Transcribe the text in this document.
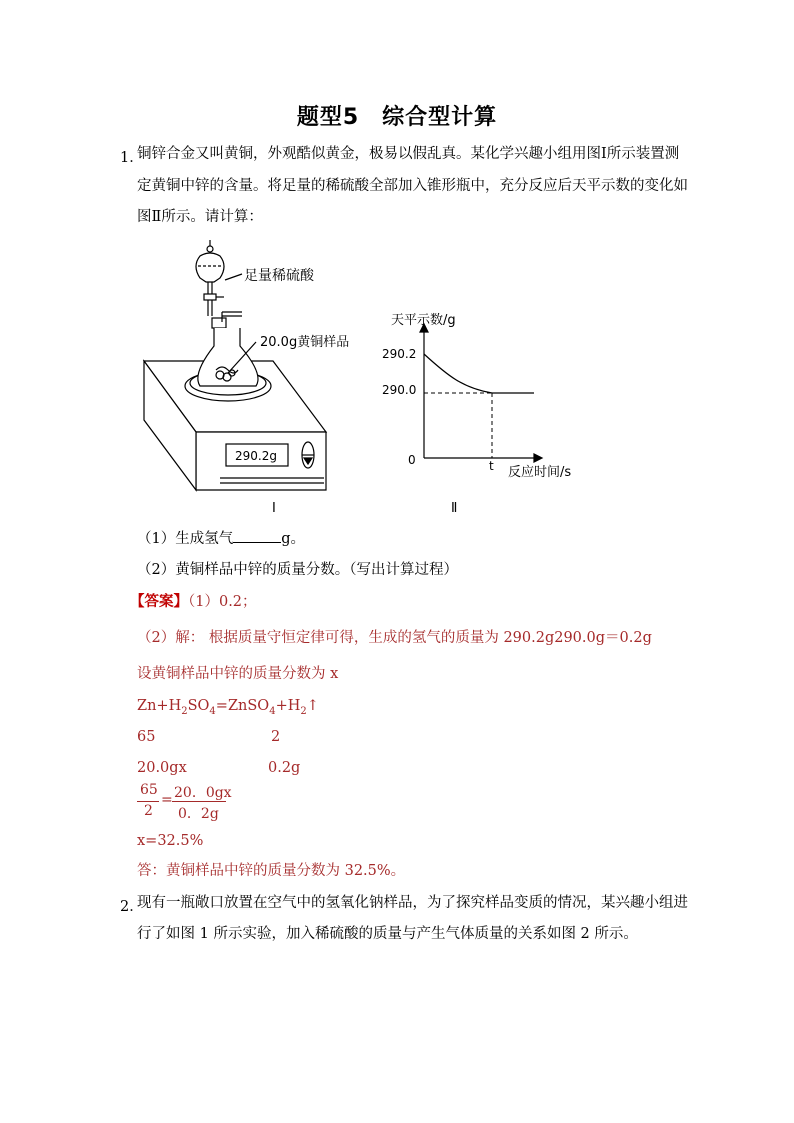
题型5　综合型计算
1．
铜锌合金又叫黄铜，外观酷似黄金，极易以假乱真。某化学兴趣小组用图Ⅰ所示装置测
定黄铜中锌的含量。将足量的稀硫酸全部加入锥形瓶中，充分反应后天平示数的变化如
图Ⅱ所示。请计算：
290.2g
足量稀硫酸
20.0g黄铜样品
Ⅰ
天平示数/g
290.2
290.0
0	t 反应时间/s
Ⅱ
（1）生成氢气	g。
（2）黄铜样品中锌的质量分数。（写出计算过程）
【答案】（1）0.2；
（2）解： 根据质量守恒定律可得，生成的氢气的质量为 290.2g290.0g＝0.2g
设黄铜样品中锌的质量分数为 x
$Zn+H_2SO_4=ZnSO_4+H_2↑$
65	2
20.0gx	0.2g
65
2
= 20．0gx
0．2g
x=32.5%
答：黄铜样品中锌的质量分数为 32.5%。
2．
现有一瓶敞口放置在空气中的氢氧化钠样品，为了探究样品变质的情况，某兴趣小组进
行了如图 1 所示实验，加入稀硫酸的质量与产生气体质量的关系如图 2 所示。
